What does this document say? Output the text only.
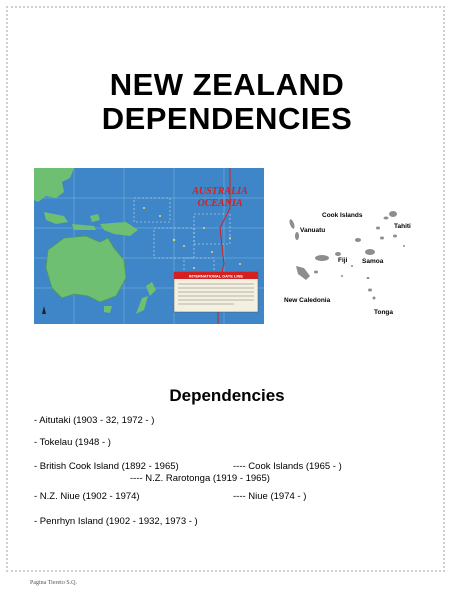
NEW ZEALAND
DEPENDENCIES
AUSTRALIA
OCEANIA
INTERNATIONAL DATE LINE
Cook Islands
Tahiti
Vanuatu
Fiji Samoa
New Caledonia
Tonga
Dependencies
- Aitutaki (1903 - 32, 1972 - )
- Tokelau (1948 - )
- British Cook Island (1892 - 1965)	---- Cook Islands (1965 - )
---- N.Z. Rarotonga (1919 - 1965)
- N.Z. Niue (1902 - 1974)	---- Niue (1974 - )
- Penrhyn Island (1902 - 1932, 1973 - )
Pagina Tiereto S.Q.
